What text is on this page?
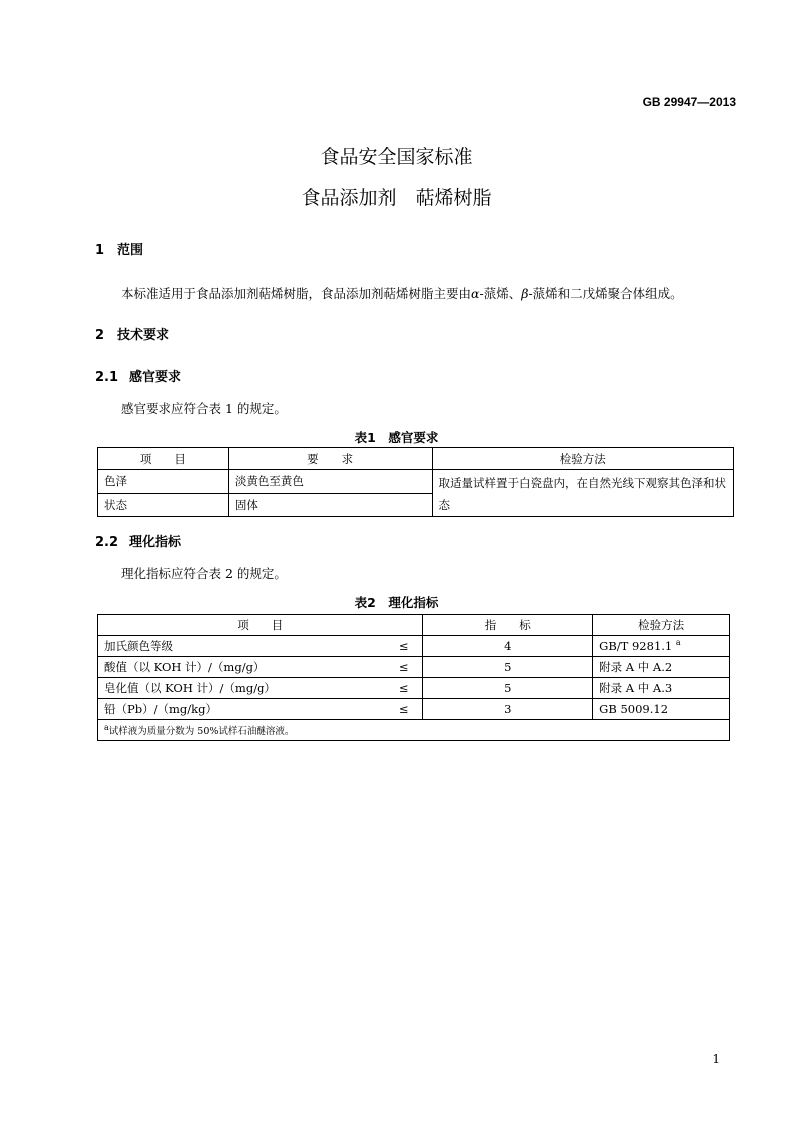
GB 29947—2013
食品安全国家标准
食品添加剂　萜烯树脂
1 范围
本标准适用于食品添加剂萜烯树脂，食品添加剂萜烯树脂主要由α-蒎烯、β-蒎烯和二戊烯聚合体组成。
2 技术要求
2.1 感官要求
感官要求应符合表 1 的规定。
表1　感官要求
项　　目	要　　求	检验方法
色泽	淡黄色至黄色	取适量试样置于白瓷盘内，在自然光线下观察其色泽和状态
状态	固体	
2.2 理化指标
理化指标应符合表 2 的规定。
表2　理化指标
项　　目		指　　标	检验方法
加氏颜色等级	≤	4	GB/T 9281.1 $^a$
酸值（以 KOH 计）/（mg/g）	≤	5	附录 A 中 A.2
皂化值（以 KOH 计）/（mg/g）	≤	5	附录 A 中 A.3
铅（Pb）/（mg/kg）	≤	3	GB 5009.12
$^a$试样液为质量分数为 50%试样石油醚溶液。			
1
